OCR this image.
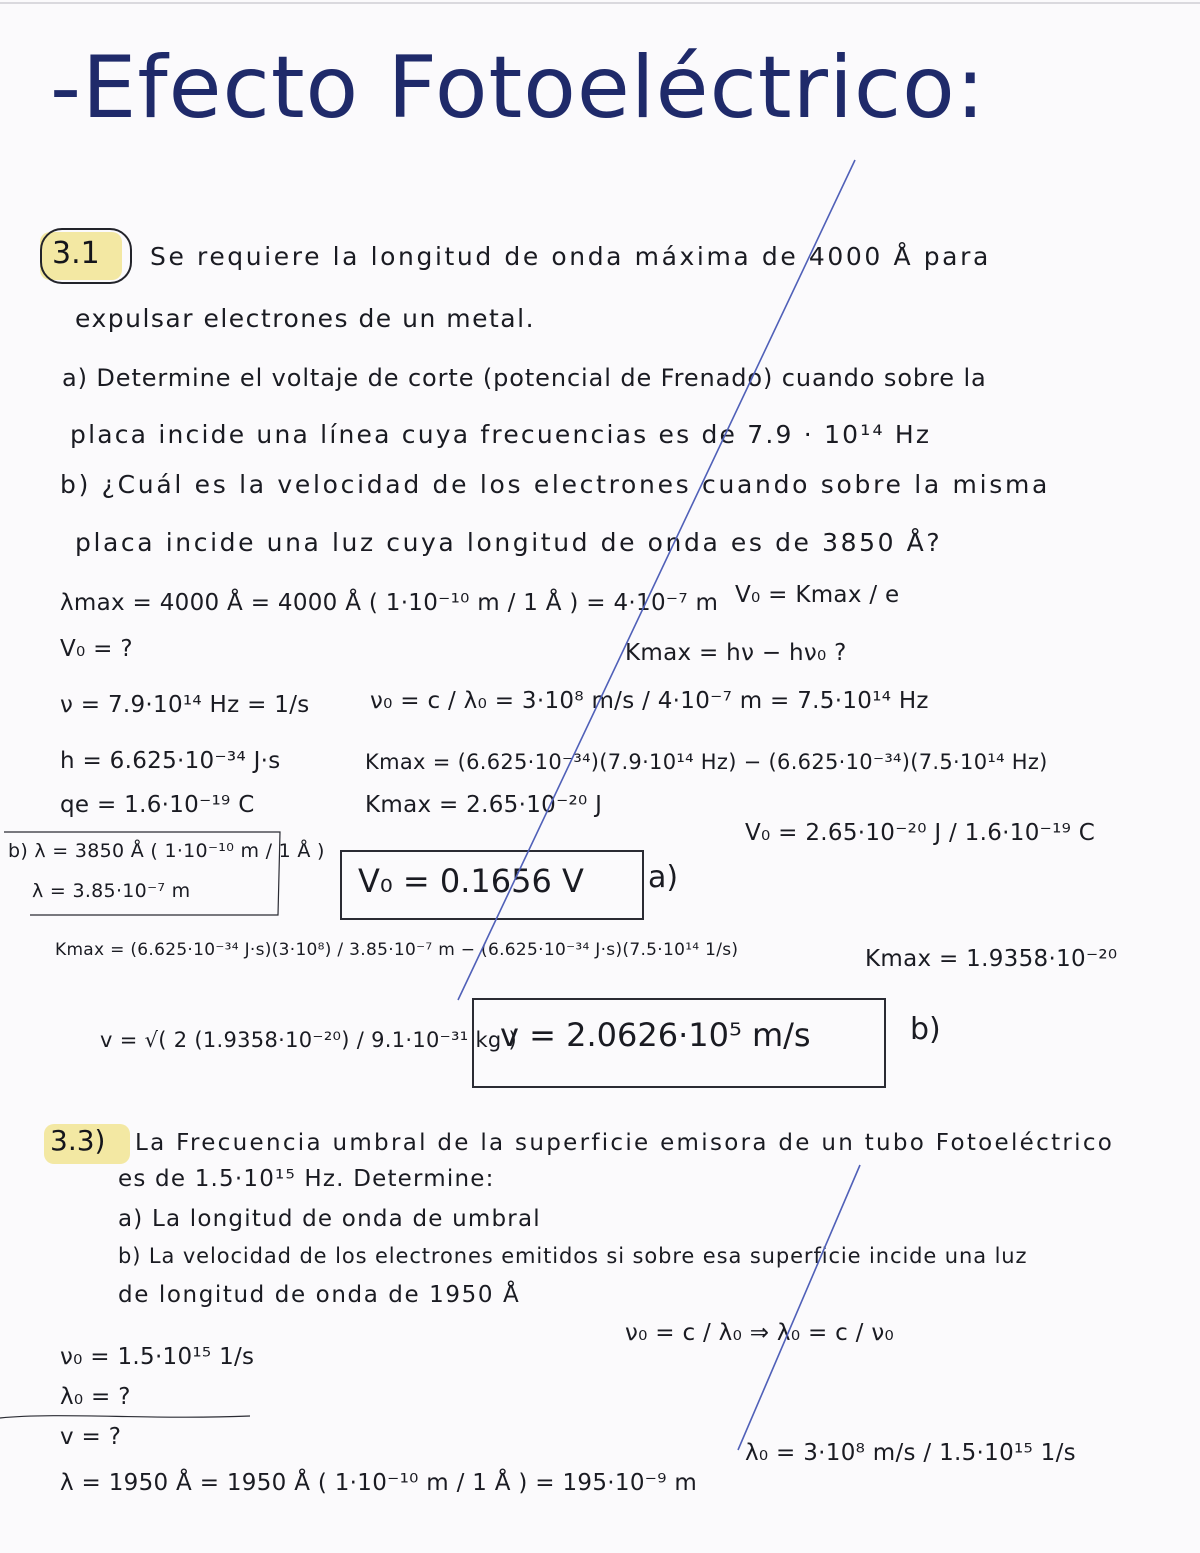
-Efecto Fotoeléctrico:
3.1 Se requiere la longitud de onda máxima de 4000 Å para
expulsar electrones de un metal.
a) Determine el voltaje de corte (potencial de Frenado) cuando sobre la
placa incide una línea cuya frecuencias es de 7.9 · 10¹⁴ Hz
b) ¿Cuál es la velocidad de los electrones cuando sobre la misma
placa incide una luz cuya longitud de onda es de 3850 Å?
λmax = 4000 Å = 4000 Å ( 1·10⁻¹⁰ m / 1 Å ) = 4·10⁻⁷ m V₀ = Kmax / e
V₀ = ?	Kmax = hν − hν₀ ?
ν = 7.9·10¹⁴ Hz = 1/s	ν₀ = c / λ₀ = 3·10⁸ m/s / 4·10⁻⁷ m = 7.5·10¹⁴ Hz
h = 6.625·10⁻³⁴ J·s	Kmax = (6.625·10⁻³⁴)(7.9·10¹⁴ Hz) − (6.625·10⁻³⁴)(7.5·10¹⁴ Hz)
qe = 1.6·10⁻¹⁹ C	Kmax = 2.65·10⁻²⁰ J
V₀ = 2.65·10⁻²⁰ J / 1.6·10⁻¹⁹ C
b) λ = 3850 Å ( 1·10⁻¹⁰ m / 1 Å )
λ = 3.85·10⁻⁷ m	V₀ = 0.1656 V a)
Kmax = (6.625·10⁻³⁴ J·s)(3·10⁸) / 3.85·10⁻⁷ m − (6.625·10⁻³⁴ J·s)(7.5·10¹⁴ 1/s)	Kmax = 1.9358·10⁻²⁰
v = √( 2 (1.9358·10⁻²⁰) / 9.1·10⁻³¹ kg )
v = 2.0626·10⁵ m/s	b)
3.3) La Frecuencia umbral de la superficie emisora de un tubo Fotoeléctrico
es de 1.5·10¹⁵ Hz. Determine:
a) La longitud de onda de umbral
b) La velocidad de los electrones emitidos si sobre esa superficie incide una luz
de longitud de onda de 1950 Å
ν₀ = 1.5·10¹⁵ 1/s
λ₀ = ?
v = ?
λ = 1950 Å = 1950 Å ( 1·10⁻¹⁰ m / 1 Å ) = 195·10⁻⁹ m
ν₀ = c / λ₀ ⇒ λ₀ = c / ν₀
λ₀ = 3·10⁸ m/s / 1.5·10¹⁵ 1/s
